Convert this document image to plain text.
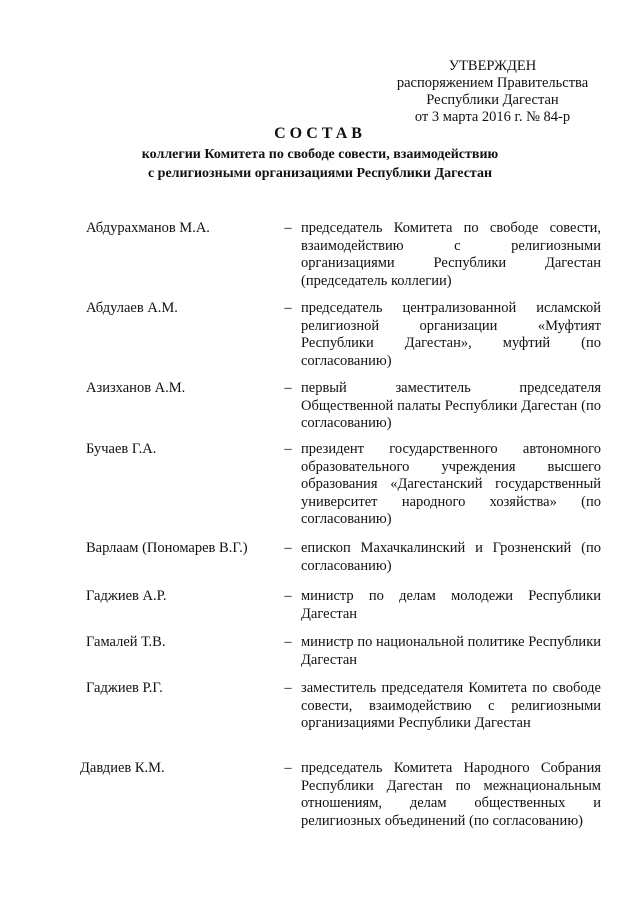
УТВЕРЖДЕН
распоряжением Правительства
Республики Дагестан
от 3 марта 2016 г. № 84-р
СОСТАВ
коллегии Комитета по свободе совести, взаимодействию
с религиозными организациями Республики Дагестан
Абдурахманов М.А.	– председатель Комитета по свободе совести, взаимодействию с религиозными организациями Республики Дагестан (председатель коллегии)
Абдулаев А.М.	– председатель централизованной исламской религиозной организации «Муфтият Республики Дагестан», муфтий (по согласованию)
Азизханов А.М.	– первый заместитель председателя Общественной палаты Республики Дагестан (по согласованию)
Бучаев Г.А.	– президент государственного автономного образовательного учреждения высшего образования «Дагестанский государственный университет народного хозяйства» (по согласованию)
Варлаам (Пономарев В.Г.)	– епископ Махачкалинский и Грозненский (по согласованию)
Гаджиев А.Р.	– министр по делам молодежи Республики Дагестан
Гамалей Т.В.	– министр по национальной политике Республики Дагестан
Гаджиев Р.Г.	– заместитель председателя Комитета по свободе совести, взаимодействию с религиозными организациями Республики Дагестан
Давдиев К.М.	– председатель Комитета Народного Собрания Республики Дагестан по межнациональным отношениям, делам общественных и религиозных объединений (по согласованию)
